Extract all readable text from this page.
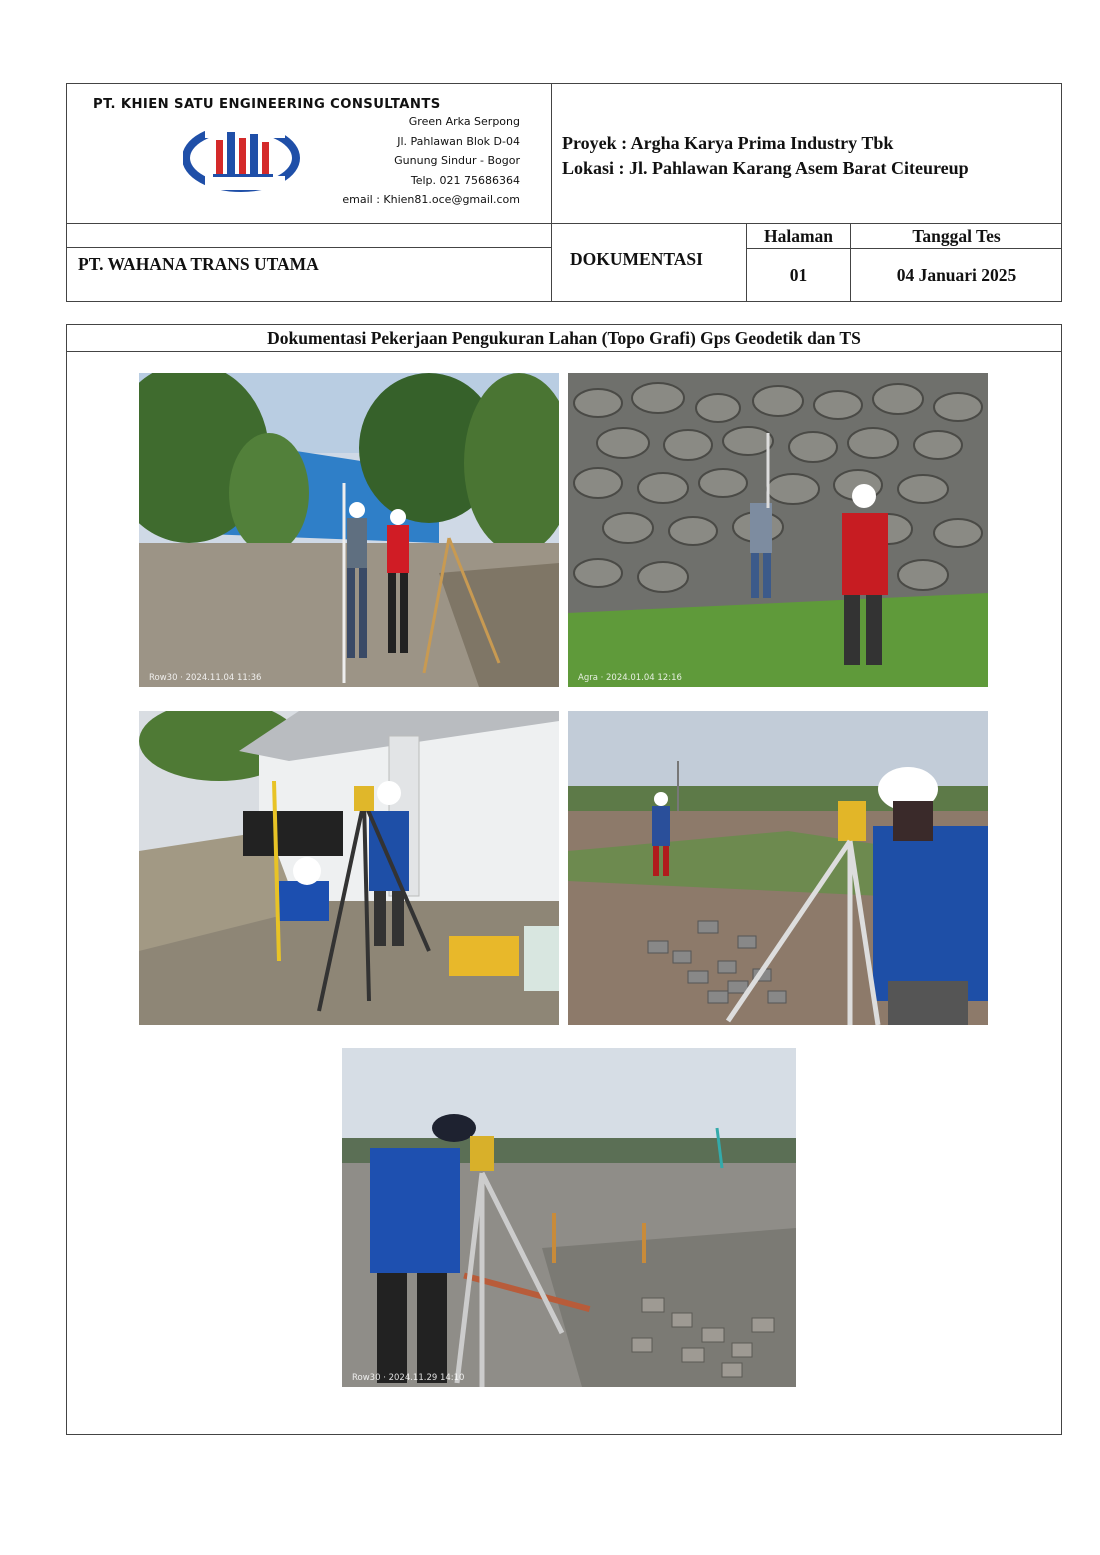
PT. KHIEN SATU ENGINEERING CONSULTANTS
Green Arka Serpong
Jl. Pahlawan Blok D-04
Gunung Sindur - Bogor
Telp. 021 75686364
email : Khien81.oce@gmail.com
Proyek : Argha Karya Prima Industry Tbk
Lokasi : Jl. Pahlawan Karang Asem Barat Citeureup
PT. WAHANA TRANS UTAMA	DOKUMENTASI
Halaman	Tanggal Tes
01	04 Januari 2025
Dokumentasi Pekerjaan Pengukuran Lahan (Topo Grafi) Gps Geodetik dan TS
Row30 · 2024.11.04 11:36	Agra · 2024.01.04 12:16
Row30 · 2024.11.29 14:10
